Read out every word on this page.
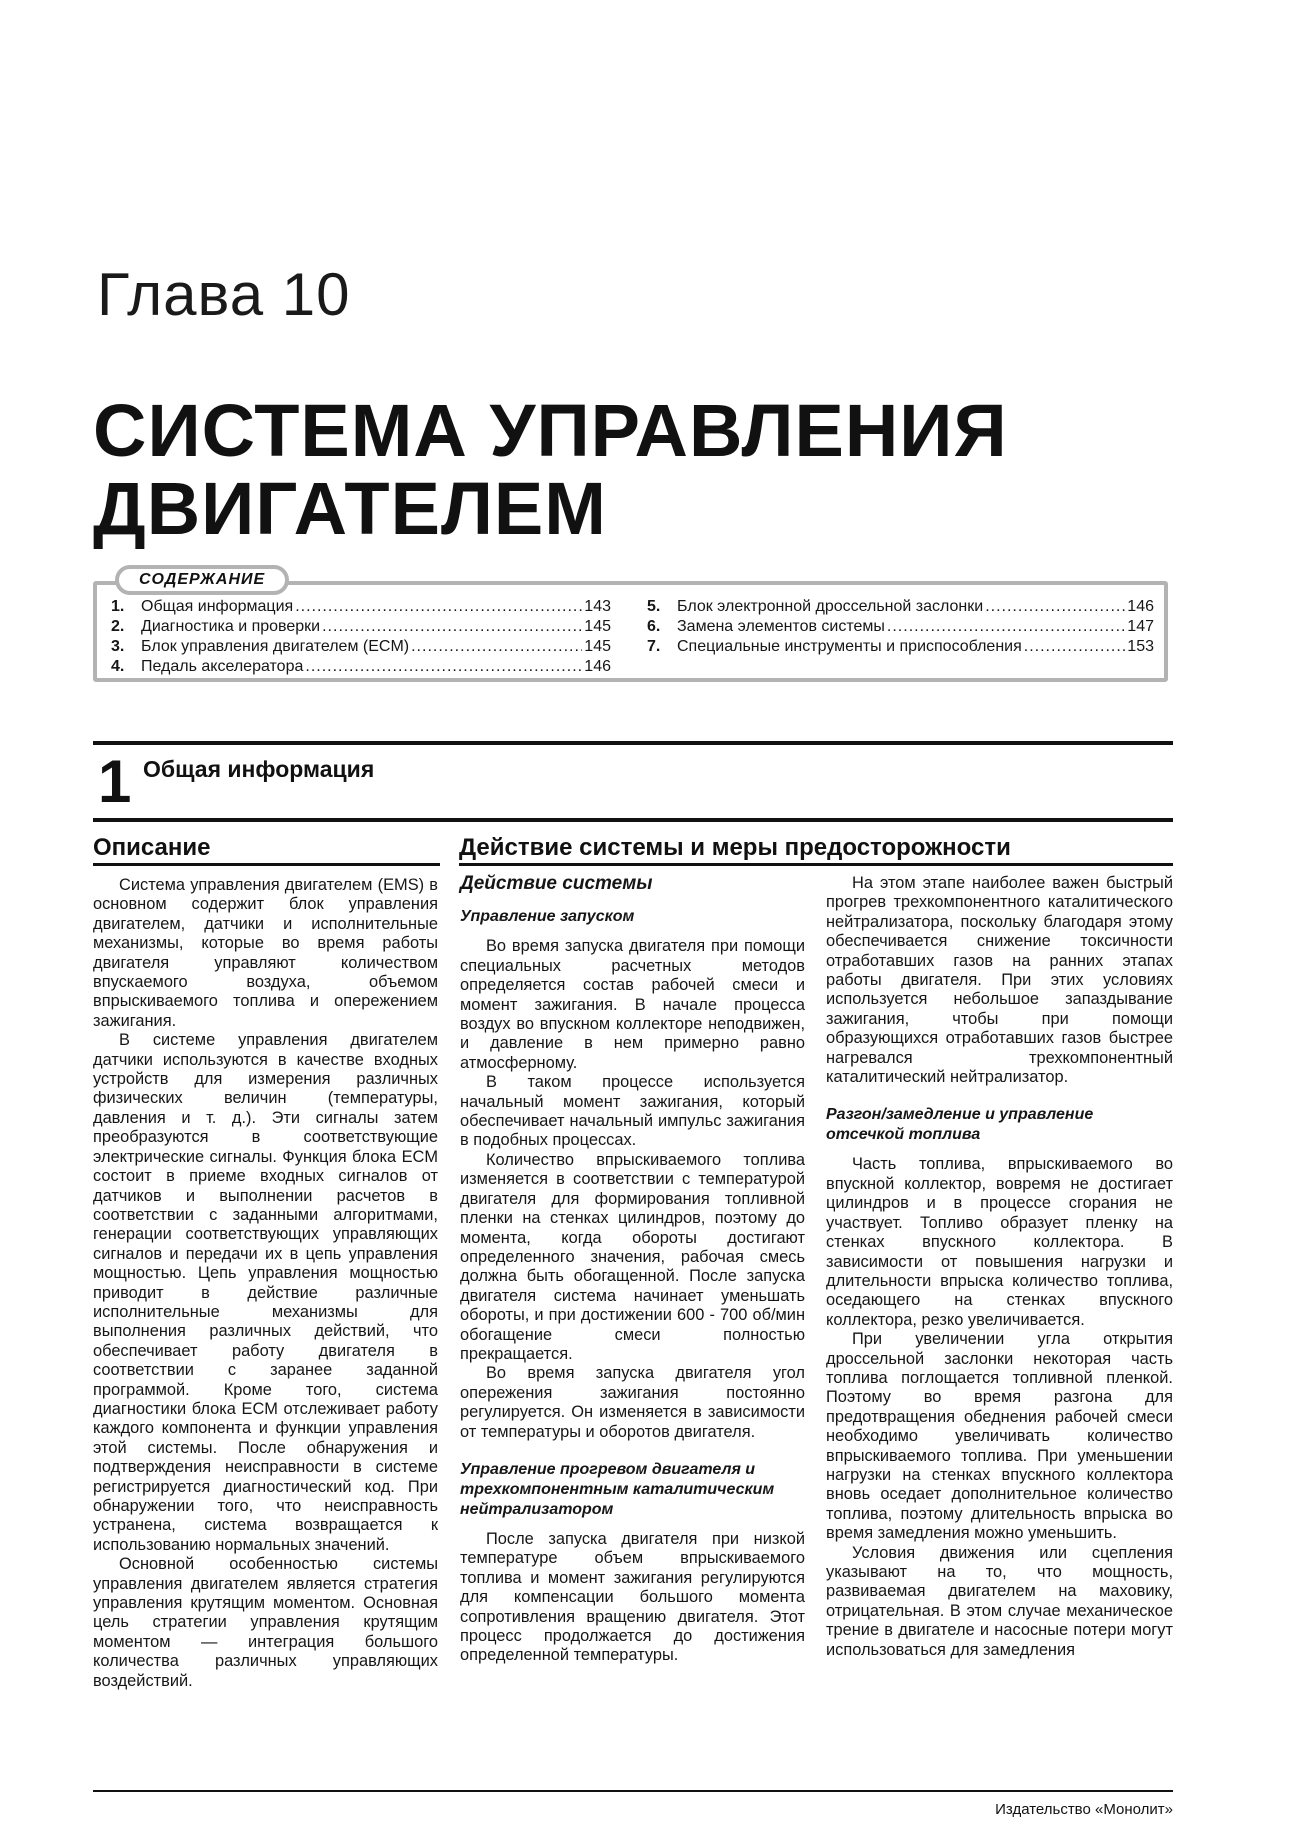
Глава 10
СИСТЕМА УПРАВЛЕНИЯ
ДВИГАТЕЛЕМ
СОДЕРЖАНИЕ
1.	Общая информация .....	143
2.	Диагностика и проверки .....	145
3.	Блок управления двигателем (ECM) .....	145
4.	Педаль акселератора .....	146
5.	Блок электронной дроссельной заслонки .....	146
6.	Замена элементов системы .....	147
7.	Специальные инструменты и приспособления .....	153
1 Общая информация
Описание	Действие системы и меры предосторожности

Система управления двигателем (EMS) в основном содержит блок управления двигателем, датчики и исполнительные механизмы, которые во время работы двигателя управляют количеством впускаемого воздуха, объемом впрыскиваемого топлива и опережением зажигания.

В системе управления двигателем датчики используются в качестве входных устройств для измерения различных физических величин (температуры, давления и т. д.). Эти сигналы затем преобразуются в соответствующие электрические сигналы. Функция блока ECM состоит в приеме входных сигналов от датчиков и выполнении расчетов в соответствии с заданными алгоритмами, генерации соответствующих управляющих сигналов и передачи их в цепь управления мощностью. Цепь управления мощностью приводит в действие различные исполнительные механизмы для выполнения различных действий, что обеспечивает работу двигателя в соответствии с заранее заданной программой. Кроме того, система диагностики блока ECM отслеживает работу каждого компонента и функции управления этой системы. После обнаружения и подтверждения неисправности в системе регистрируется диагностический код. При обнаружении того, что неисправность устранена, система возвращается к использованию нормальных значений.

Основной особенностью системы управления двигателем является стратегия управления крутящим моментом. Основная цель стратегии управления крутящим моментом — интеграция большого количества различных управляющих воздействий.

Действие системы
Управление запуском

Во время запуска двигателя при помощи специальных расчетных методов определяется состав рабочей смеси и момент зажигания. В начале процесса воздух во впускном коллекторе неподвижен, и давление в нем примерно равно атмосферному.

В таком процессе используется начальный момент зажигания, который обеспечивает начальный импульс зажигания в подобных процессах.

Количество впрыскиваемого топлива изменяется в соответствии с температурой двигателя для формирования топливной пленки на стенках цилиндров, поэтому до момента, когда обороты достигают определенного значения, рабочая смесь должна быть обогащенной. После запуска двигателя система начинает уменьшать обороты, и при достижении 600 - 700 об/мин обогащение смеси полностью прекращается.

Во время запуска двигателя угол опережения зажигания постоянно регулируется. Он изменяется в зависимости от температуры и оборотов двигателя.

Управление прогревом двигателя и трехкомпонентным каталитическим нейтрализатором

После запуска двигателя при низкой температуре объем впрыскиваемого топлива и момент зажигания регулируются для компенсации большого момента сопротивления вращению двигателя. Этот процесс продолжается до достижения определенной температуры.

На этом этапе наиболее важен быстрый прогрев трехкомпонентного каталитического нейтрализатора, поскольку благодаря этому обеспечивается снижение токсичности отработавших газов на ранних этапах работы двигателя. При этих условиях используется небольшое запаздывание зажигания, чтобы при помощи образующихся отработавших газов быстрее нагревался трехкомпонентный каталитический нейтрализатор.

Разгон/замедление и управление отсечкой топлива

Часть топлива, впрыскиваемого во впускной коллектор, вовремя не достигает цилиндров и в процессе сгорания не участвует. Топливо образует пленку на стенках впускного коллектора. В зависимости от повышения нагрузки и длительности впрыска количество топлива, оседающего на стенках впускного коллектора, резко увеличивается.

При увеличении угла открытия дроссельной заслонки некоторая часть топлива поглощается топливной пленкой. Поэтому во время разгона для предотвращения обеднения рабочей смеси необходимо увеличивать количество впрыскиваемого топлива. При уменьшении нагрузки на стенках впускного коллектора вновь оседает дополнительное количество топлива, поэтому длительность впрыска во время замедления можно уменьшить.

Условия движения или сцепления указывают на то, что мощность, развиваемая двигателем на маховику, отрицательная. В этом случае механическое трение в двигателе и насосные потери могут использоваться для замедления

Издательство «Монолит»
